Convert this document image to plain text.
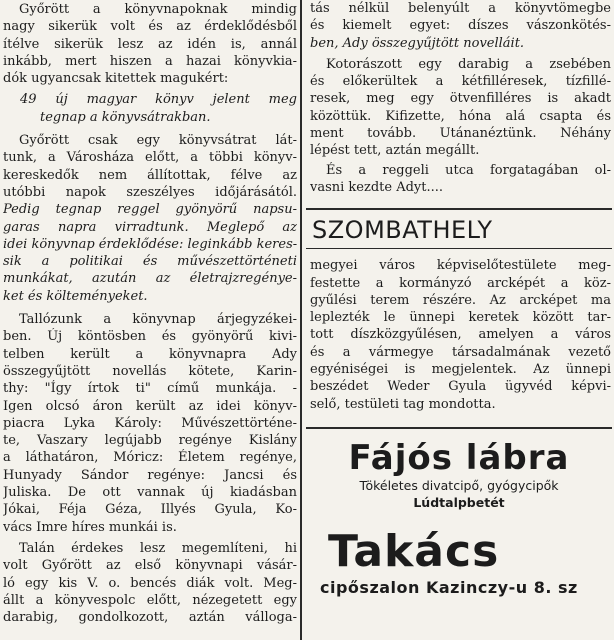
Győrött a könyvnapoknak mindig
nagy sikerük volt és az érdeklődésből
ítélve sikerük lesz az idén is, annál
inkább, mert hiszen a hazai könyvkia-
dók ugyancsak kitettek magukért:
49 új magyar könyv jelent meg
tegnap a könyvsátrakban.
Győrött csak egy könyvsátrat lát-
tunk, a Városháza előtt, a többi könyv-
kereskedők nem állítottak, félve az
utóbbi napok szeszélyes időjárásától.
Pedig tegnap reggel gyönyörű napsu-
garas napra virradtunk. Meglepő az
idei könyvnap érdeklődése: leginkább keres-
sik a politikai és művészettörténeti
munkákat, azután az életrajzregénye-
ket és költeményeket.
Tallózunk a könyvnap árjegyzékei-
ben. Új köntösben és gyönyörű kivi-
telben került a könyvnapra Ady
összegyűjtött novellás kötete, Karin-
thy: "Így írtok ti" című munkája. -
Igen olcsó áron került az idei könyv-
piacra Lyka Károly: Művészettörténe-
te, Vaszary legújabb regénye Kislány
a láthatáron, Móricz: Életem regénye,
Hunyady Sándor regénye: Jancsi és
Juliska. De ott vannak új kiadásban
Jókai, Féja Géza, Illyés Gyula, Ko-
vács Imre híres munkái is.
Talán érdekes lesz megemlíteni, hi
volt Győrött az első könyvnapi vásár-
ló egy kis V. o. bencés diák volt. Meg-
állt a könyvespolc előtt, nézegetett egy
darabig, gondolkozott, aztán válloga-
tás nélkül belenyúlt a könyvtömegbe
és kiemelt egyet: díszes vászonkötés-
ben, Ady összegyűjtött novelláit.
Kotorászott egy darabig a zsebében
és előkerültek a kétfilléresek, tízfillé-
resek, meg egy ötvenfilléres is akadt
közöttük. Kifizette, hóna alá csapta és
ment tovább. Utánanéztünk. Néhány
lépést tett, aztán megállt.
És a reggeli utca forgatagában ol-
vasni kezdte Adyt....
SZOMBATHELY
megyei város képviselőtestülete meg-
festette a kormányzó arcképét a köz-
gyűlési terem részére. Az arcképet ma
leplezték le ünnepi keretek között tar-
tott díszközgyűlésen, amelyen a város
és a vármegye társadalmának vezető
egyéniségei is megjelentek. Az ünnepi
beszédet Weder Gyula ügyvéd képvi-
selő, testületi tag mondotta.
Fájós lábra
Tökéletes divatcipő, gyógycipők
Lúdtalpbetét
Takács
cipőszalon Kazinczy-u 8. sz
